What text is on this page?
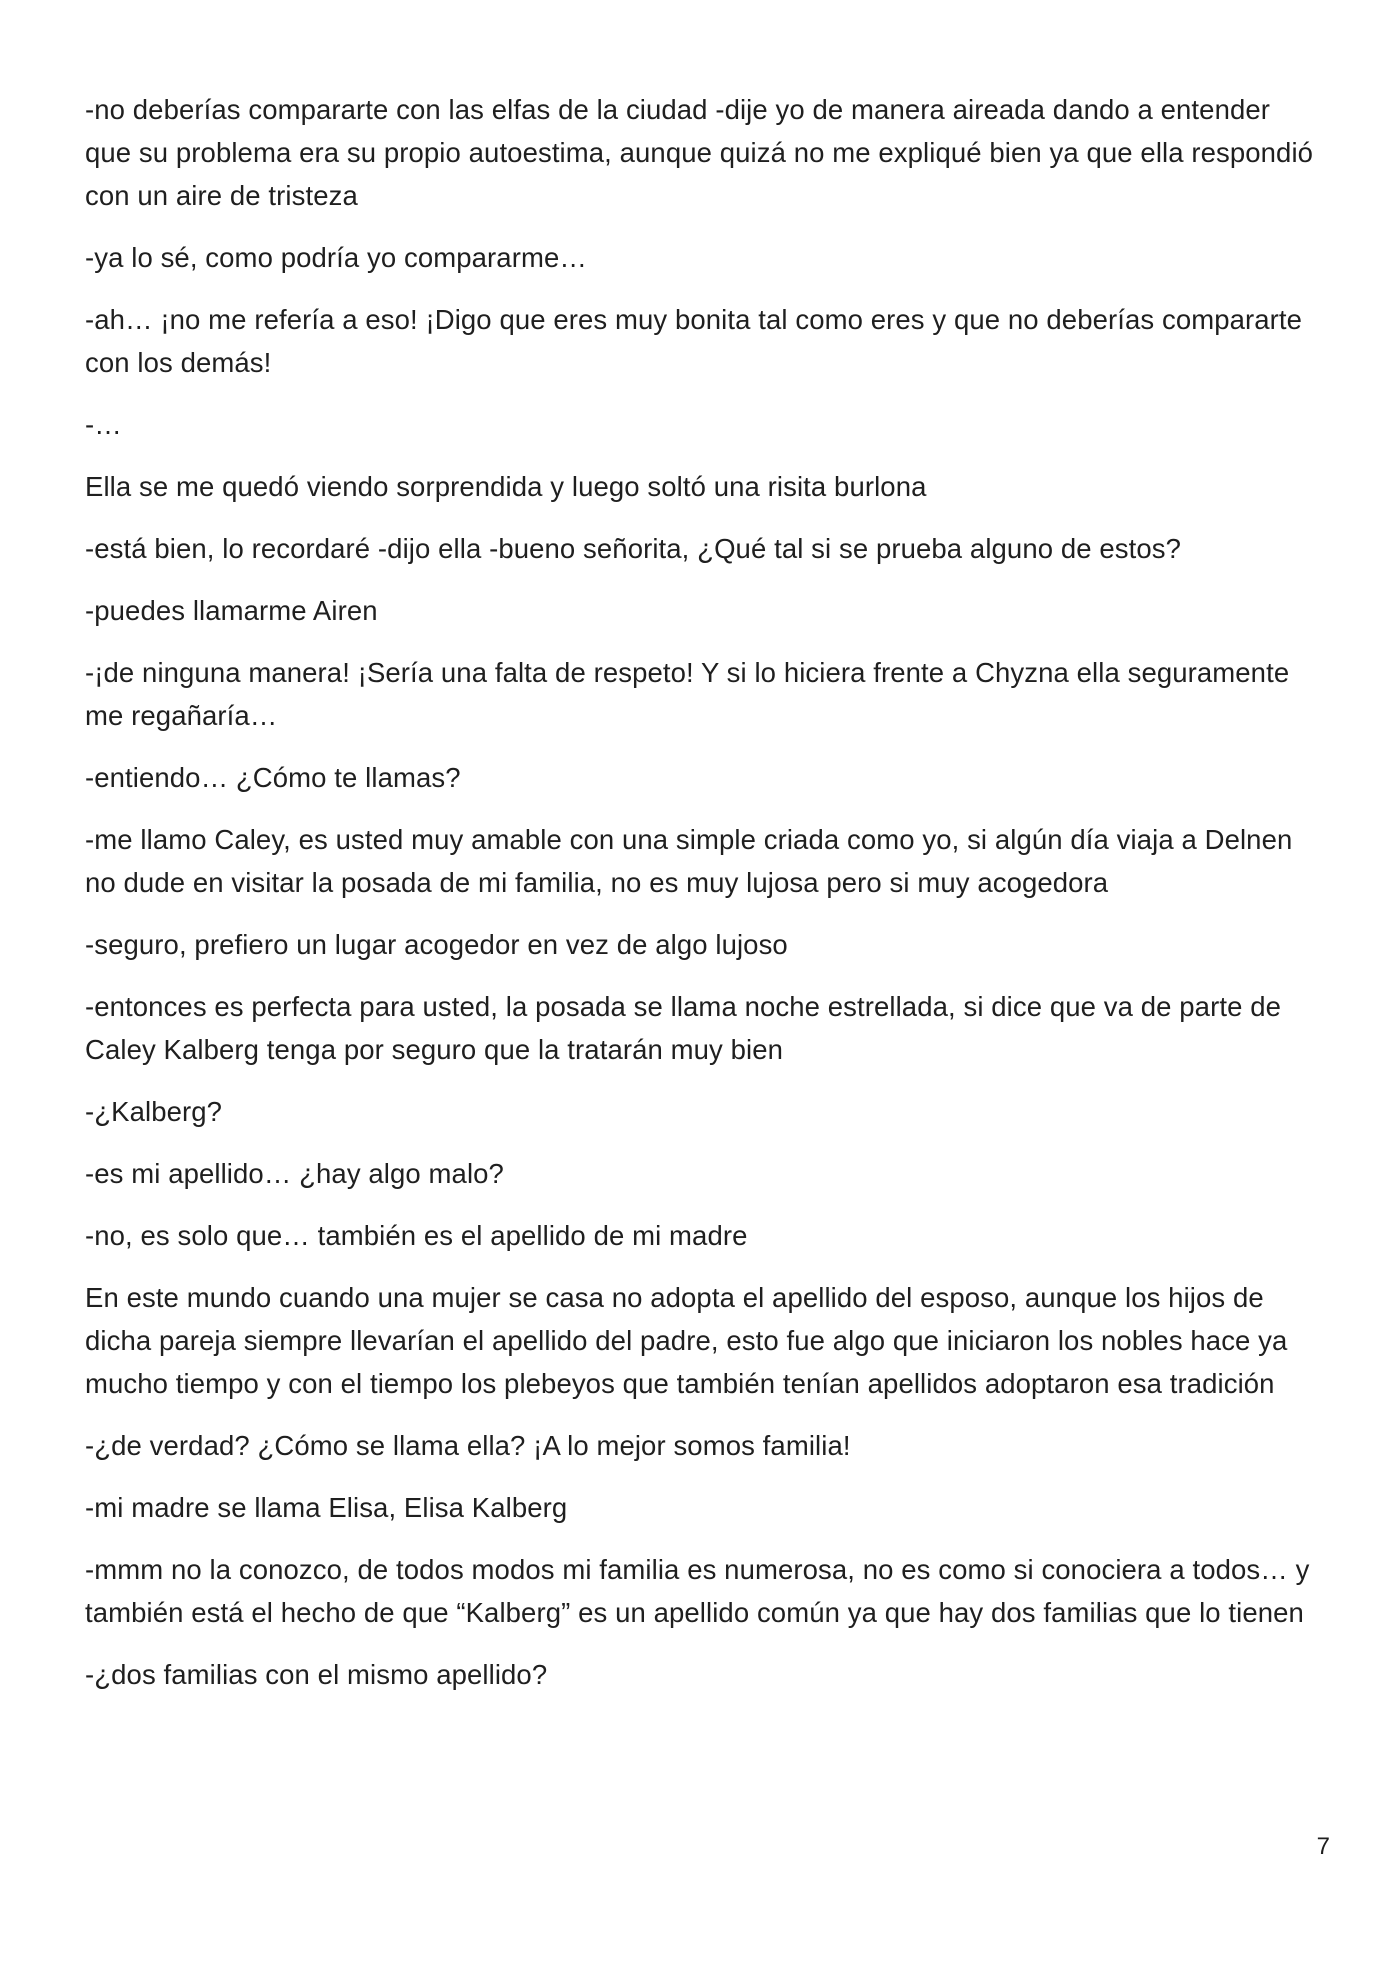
-no deberías compararte con las elfas de la ciudad -dije yo de manera aireada dando a entender que su problema era su propio autoestima, aunque quizá no me expliqué bien ya que ella respondió con un aire de tristeza

-ya lo sé, como podría yo compararme…

-ah… ¡no me refería a eso! ¡Digo que eres muy bonita tal como eres y que no deberías compararte con los demás!

-…

Ella se me quedó viendo sorprendida y luego soltó una risita burlona

-está bien, lo recordaré -dijo ella -bueno señorita, ¿Qué tal si se prueba alguno de estos?

-puedes llamarme Airen

-¡de ninguna manera! ¡Sería una falta de respeto! Y si lo hiciera frente a Chyzna ella seguramente me regañaría…

-entiendo… ¿Cómo te llamas?

-me llamo Caley, es usted muy amable con una simple criada como yo, si algún día viaja a Delnen no dude en visitar la posada de mi familia, no es muy lujosa pero si muy acogedora

-seguro, prefiero un lugar acogedor en vez de algo lujoso

-entonces es perfecta para usted, la posada se llama noche estrellada, si dice que va de parte de Caley Kalberg tenga por seguro que la tratarán muy bien

-¿Kalberg?

-es mi apellido… ¿hay algo malo?

-no, es solo que… también es el apellido de mi madre

En este mundo cuando una mujer se casa no adopta el apellido del esposo, aunque los hijos de dicha pareja siempre llevarían el apellido del padre, esto fue algo que iniciaron los nobles hace ya mucho tiempo y con el tiempo los plebeyos que también tenían apellidos adoptaron esa tradición

-¿de verdad? ¿Cómo se llama ella? ¡A lo mejor somos familia!

-mi madre se llama Elisa, Elisa Kalberg

-mmm no la conozco, de todos modos mi familia es numerosa, no es como si conociera a todos… y también está el hecho de que “Kalberg” es un apellido común ya que hay dos familias que lo tienen

-¿dos familias con el mismo apellido?

7
